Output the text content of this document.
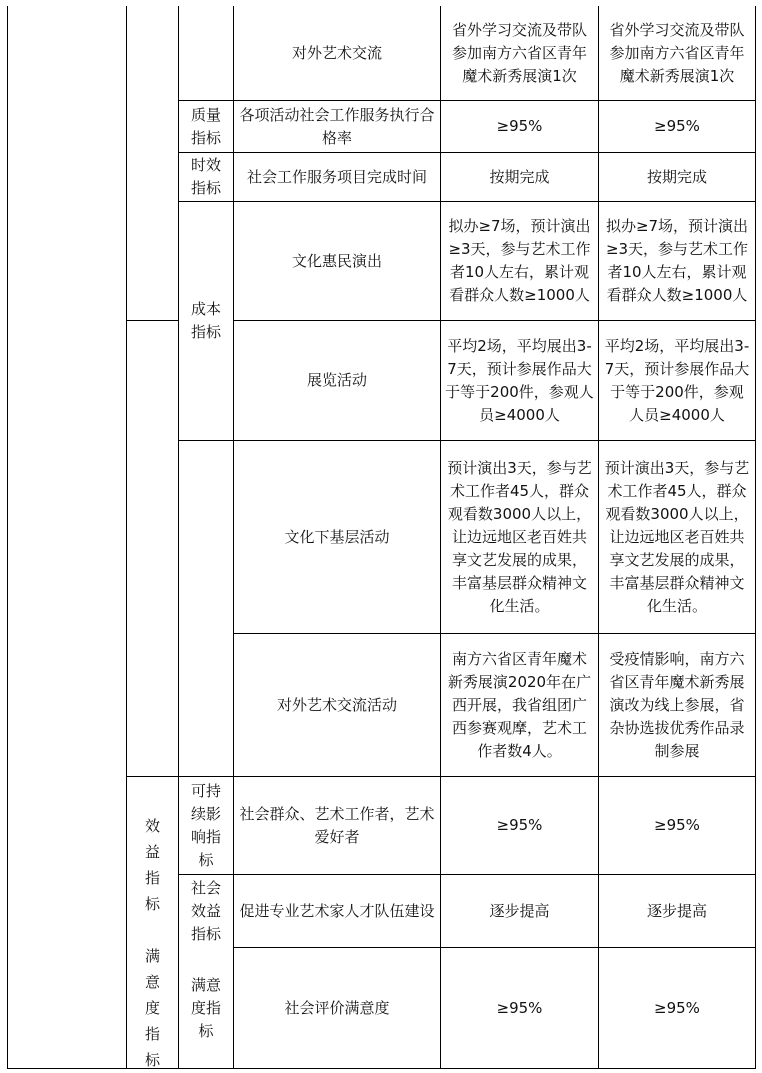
质量
指标
时效
指标
成本
指标
可持
续影
响指
标
社会
效益
指标
满意
度指
标
效
益
指
标
满
意
度
指
标
对外艺术交流
各项活动社会工作服务执行合格率
社会工作服务项目完成时间
文化惠民演出
展览活动
文化下基层活动
对外艺术交流活动
社会群众、艺术工作者，艺术爱好者
促进专业艺术家人才队伍建设
社会评价满意度
省外学习交流及带队参加南方六省区青年魔术新秀展演1次
≥95%
按期完成
拟办≥7场，预计演出≥3天，参与艺术工作者10人左右，累计观看群众人数≥1000人
平均2场，平均展出3-7天，预计参展作品大于等于200件，参观人员≥4000人
预计演出3天，参与艺术工作者45人，群众观看数3000人以上，让边远地区老百姓共享文艺发展的成果，丰富基层群众精神文化生活。
南方六省区青年魔术新秀展演2020年在广西开展，我省组团广西参赛观摩，艺术工作者数4人。
≥95%
逐步提高
≥95%
省外学习交流及带队参加南方六省区青年魔术新秀展演1次
≥95%
按期完成
拟办≥7场，预计演出≥3天，参与艺术工作者10人左右，累计观看群众人数≥1000人
平均2场，平均展出3-7天，预计参展作品大于等于200件，参观人员≥4000人
预计演出3天，参与艺术工作者45人，群众观看数3000人以上，让边远地区老百姓共享文艺发展的成果，丰富基层群众精神文化生活。
受疫情影响，南方六省区青年魔术新秀展演改为线上参展，省杂协选拔优秀作品录制参展
≥95%
逐步提高
≥95%
